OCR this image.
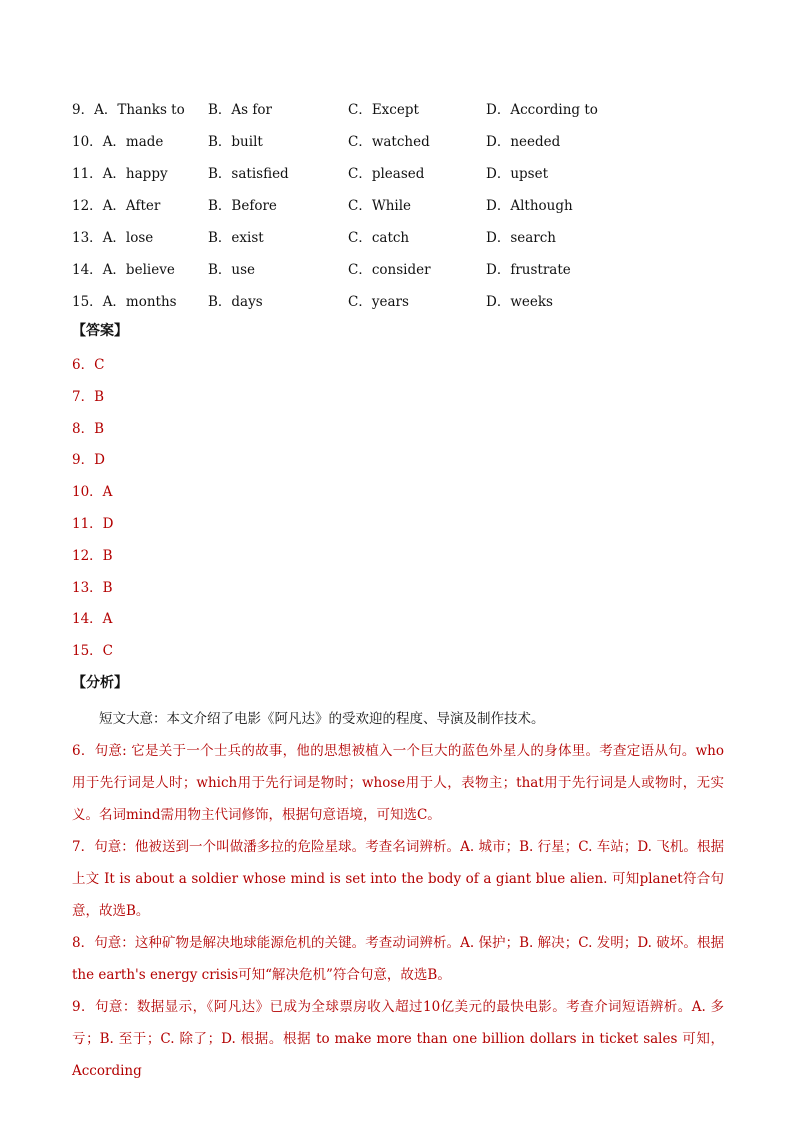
9．A．Thanks to B．As for	C．Except	D．According to
10．A．made	B．built	C．watched	D．needed
11．A．happy	B．satisfied	C．pleased	D．upset
12．A．After	B．Before	C．While	D．Although
13．A．lose	B．exist	C．catch	D．search
14．A．believe B．use	C．consider	D．frustrate
15．A．months B．days	C．years	D．weeks
【答案】
6．C
7．B
8．B
9．D
10．A
11．D
12．B
13．B
14．A
15．C
【分析】

短文大意：本文介绍了电影《阿凡达》的受欢迎的程度、导演及制作技术。

6．句意: 它是关于一个士兵的故事，他的思想被植入一个巨大的蓝色外星人的身体里。考查定语从句。who用于先行词是人时；which用于先行词是物时；whose用于人，表物主；that用于先行词是人或物时，无实义。名词mind需用物主代词修饰，根据句意语境，可知选C。

7．句意：他被送到一个叫做潘多拉的危险星球。考查名词辨析。A. 城市；B. 行星；C. 车站；D. 飞机。根据上文 It is about a soldier whose mind is set into the body of a giant blue alien. 可知planet符合句意，故选B。

8．句意：这种矿物是解决地球能源危机的关键。考查动词辨析。A. 保护；B. 解决；C. 发明；D. 破坏。根据the earth's energy crisis可知“解决危机”符合句意，故选B。

9．句意：数据显示，《阿凡达》已成为全球票房收入超过10亿美元的最快电影。考查介词短语辨析。A. 多亏；B. 至于；C. 除了；D. 根据。根据 to make more than one billion dollars in ticket sales 可知，According
